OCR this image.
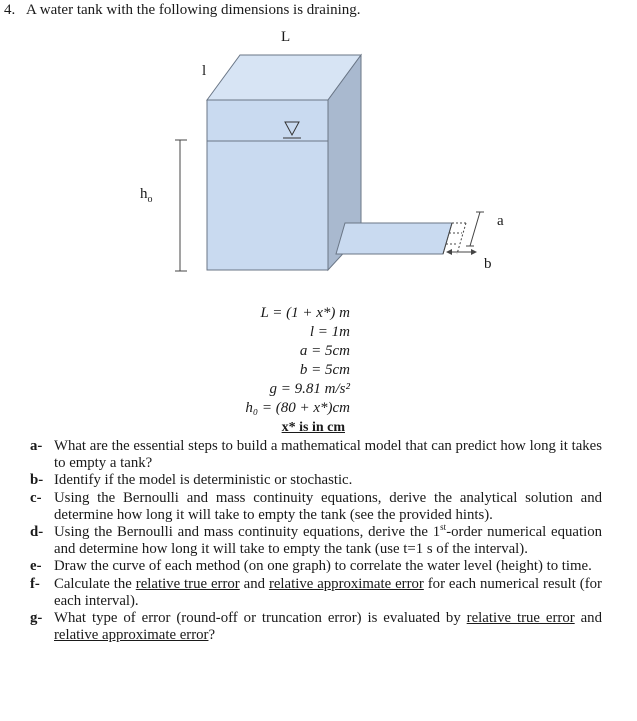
4. A water tank with the following dimensions is draining.
L
l
$h_o$
a
b
L = (1 + x*) m
l = 1m
a = 5cm
b = 5cm
g = 9.81 m/s²
h₀ = (80 + x*)cm
x* is in cm
a- What are the essential steps to build a mathematical model that can predict how long it takes to empty a tank?
b- Identify if the model is deterministic or stochastic.
c- Using the Bernoulli and mass continuity equations, derive the analytical solution and determine how long it will take to empty the tank (see the provided hints).
d- Using the Bernoulli and mass continuity equations, derive the 1st-order numerical equation and determine how long it will take to empty the tank (use t=1 s of the interval).
e- Draw the curve of each method (on one graph) to correlate the water level (height) to time.
f- Calculate the relative true error and relative approximate error for each numerical result (for each interval).
g- What type of error (round-off or truncation error) is evaluated by relative true error and relative approximate error?
